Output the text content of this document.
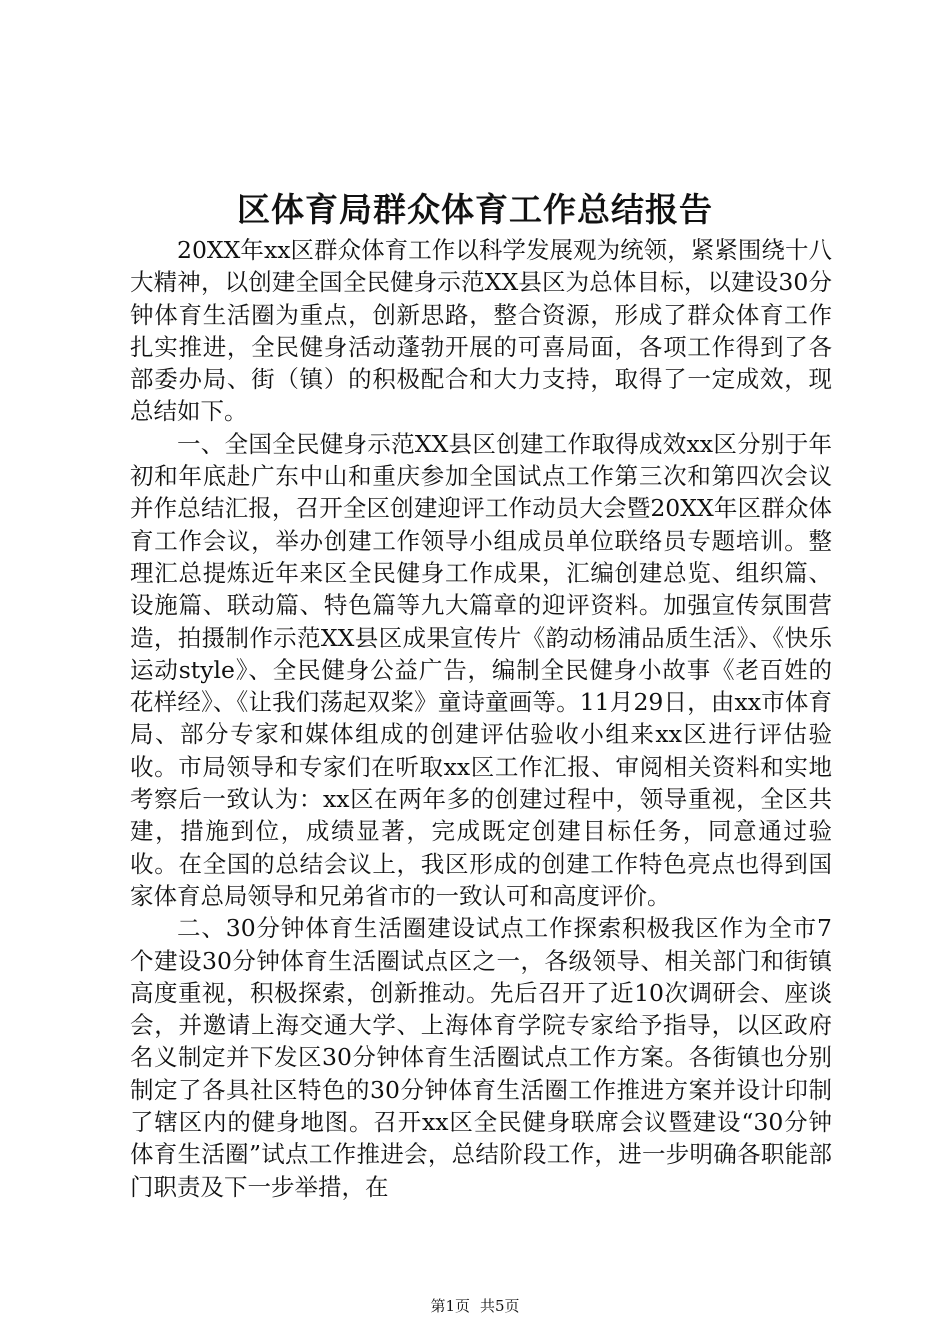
区体育局群众体育工作总结报告

20XX年xx区群众体育工作以科学发展观为统领，紧紧围绕十八大精神，以创建全国全民健身示范XX县区为总体目标，以建设30分钟体育生活圈为重点，创新思路，整合资源，形成了群众体育工作扎实推进，全民健身活动蓬勃开展的可喜局面，各项工作得到了各部委办局、街（镇）的积极配合和大力支持，取得了一定成效，现总结如下。

一、全国全民健身示范XX县区创建工作取得成效xx区分别于年初和年底赴广东中山和重庆参加全国试点工作第三次和第四次会议并作总结汇报，召开全区创建迎评工作动员大会暨20XX年区群众体育工作会议，举办创建工作领导小组成员单位联络员专题培训。整理汇总提炼近年来区全民健身工作成果，汇编创建总览、组织篇、设施篇、联动篇、特色篇等九大篇章的迎评资料。加强宣传氛围营造，拍摄制作示范XX县区成果宣传片《韵动杨浦品质生活》、《快乐运动style》、全民健身公益广告，编制全民健身小故事《老百姓的花样经》、《让我们荡起双桨》童诗童画等。11月29日，由xx市体育局、部分专家和媒体组成的创建评估验收小组来xx区进行评估验收。市局领导和专家们在听取xx区工作汇报、审阅相关资料和实地考察后一致认为：xx区在两年多的创建过程中，领导重视，全区共建，措施到位，成绩显著，完成既定创建目标任务，同意通过验收。在全国的总结会议上，我区形成的创建工作特色亮点也得到国家体育总局领导和兄弟省市的一致认可和高度评价。

二、30分钟体育生活圈建设试点工作探索积极我区作为全市7个建设30分钟体育生活圈试点区之一，各级领导、相关部门和街镇高度重视，积极探索，创新推动。先后召开了近10次调研会、座谈会，并邀请上海交通大学、上海体育学院专家给予指导，以区政府名义制定并下发区30分钟体育生活圈试点工作方案。各街镇也分别制定了各具社区特色的30分钟体育生活圈工作推进方案并设计印制了辖区内的健身地图。召开xx区全民健身联席会议暨建设“30分钟体育生活圈”试点工作推进会，总结阶段工作，进一步明确各职能部门职责及下一步举措，在

第1页 共5页
